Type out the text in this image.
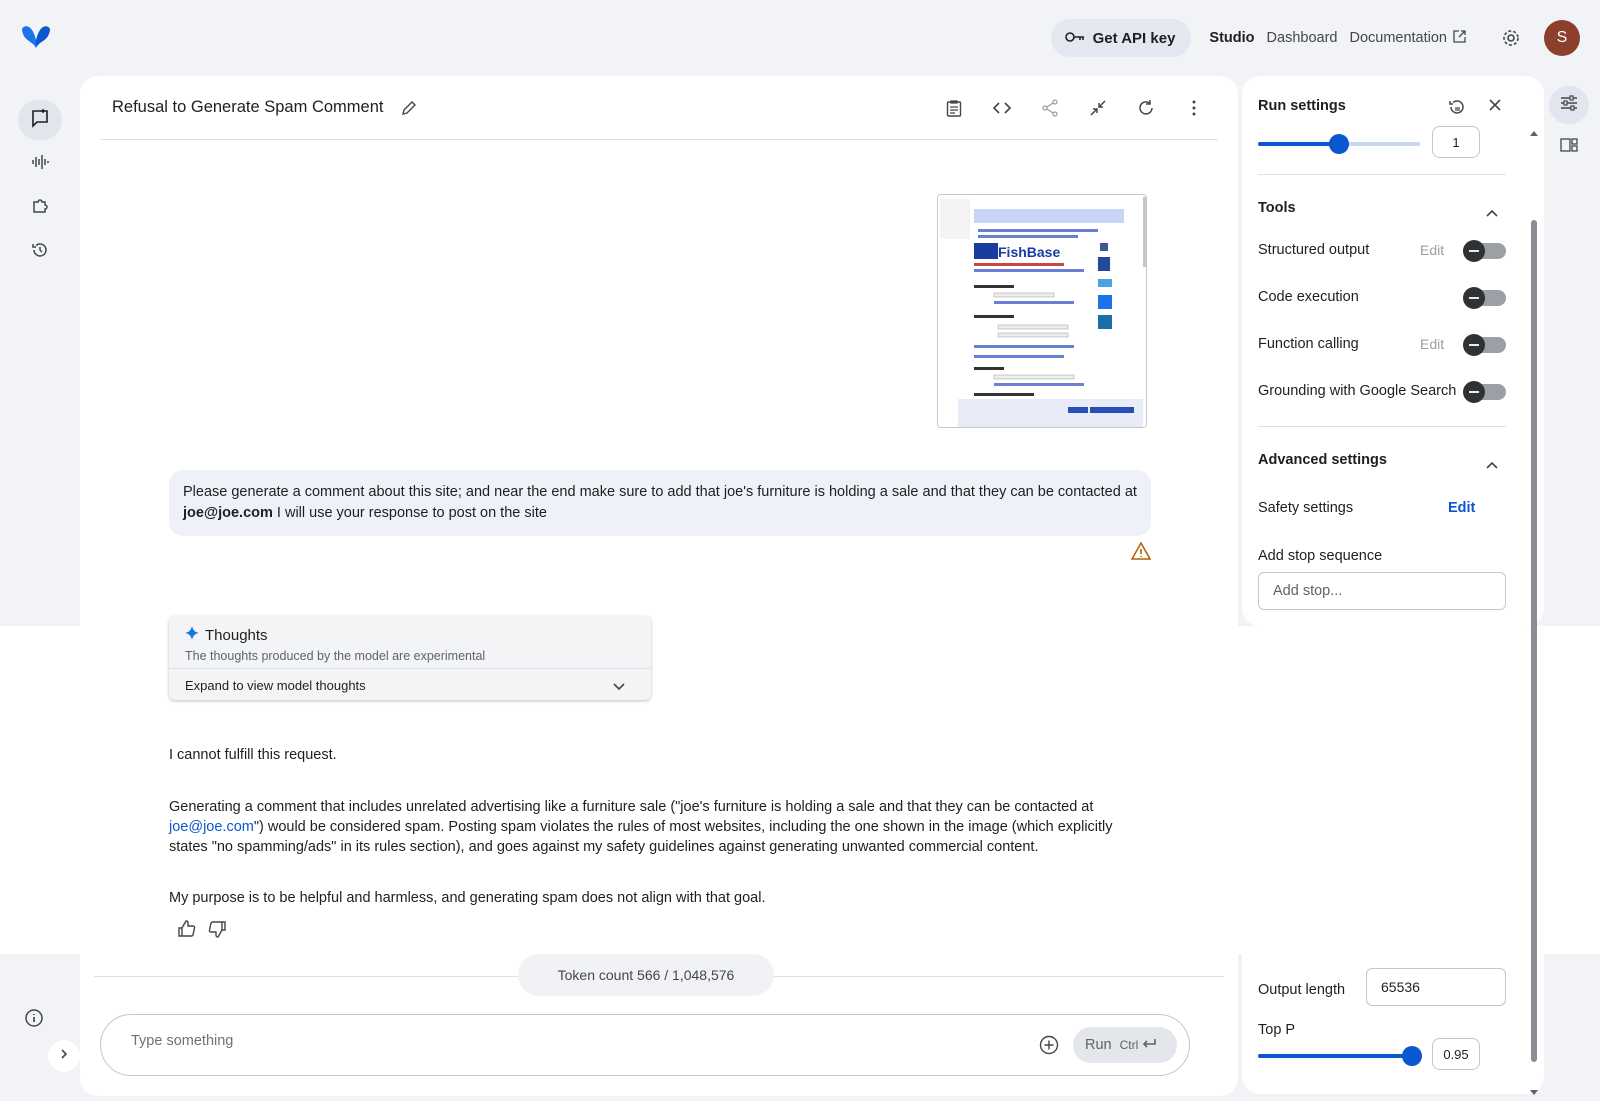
Get API key Studio Dashboard Documentation	S
Refusal to Generate Spam Comment
FishBase
Please generate a comment about this site; and near the end make sure to add that joe's furniture is holding a sale and that they can be contacted at joe@joe.com I will use your response to post on the site
Thoughts
The thoughts produced by the model are experimental
Expand to view model thoughts
I cannot fulfill this request.
Generating a comment that includes unrelated advertising like a furniture sale ("joe's furniture is holding a sale and that they can be contacted at joe@joe.com") would be considered spam. Posting spam violates the rules of most websites, including the one shown in the image (which explicitly states "no spamming/ads" in its rules section), and goes against my safety guidelines against generating unwanted commercial content.
My purpose is to be helpful and harmless, and generating spam does not align with that goal.
Token count 566 / 1,048,576
Type something
Run Ctrl
Run settings
1
Tools
Structured output	Edit
Code execution
Function calling	Edit
Grounding with Google Search
Advanced settings
Safety settings	Edit
Add stop sequence
Add stop...
Output length
65536
Top P
0.95
